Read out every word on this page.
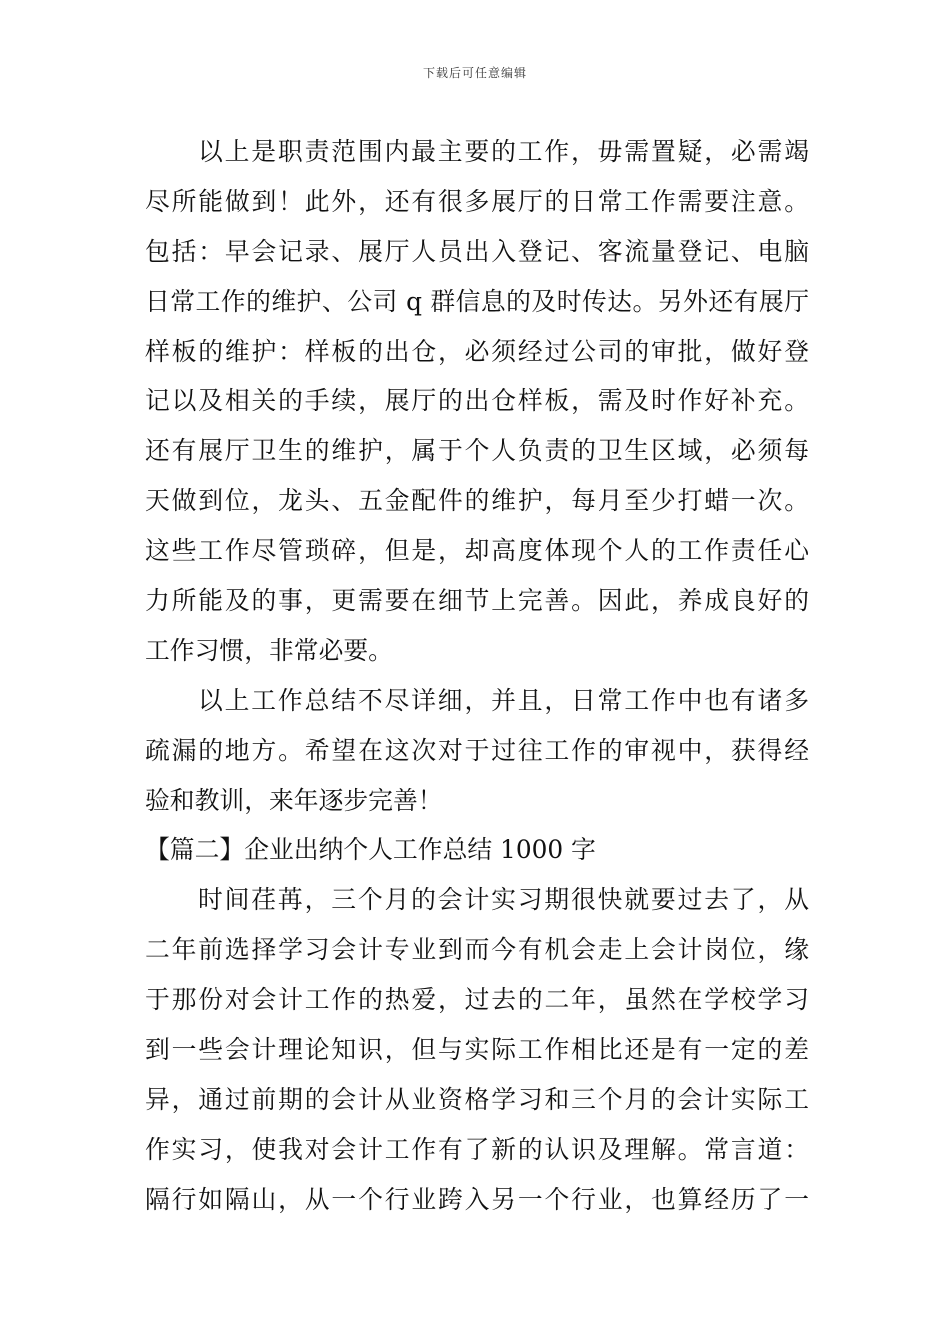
下载后可任意编辑
以上是职责范围内最主要的工作，毋需置疑，必需竭
尽所能做到！此外，还有很多展厅的日常工作需要注意。
包括：早会记录、展厅人员出入登记、客流量登记、电脑
日常工作的维护、公司 q 群信息的及时传达。另外还有展厅
样板的维护：样板的出仓，必须经过公司的审批，做好登
记以及相关的手续，展厅的出仓样板，需及时作好补充。
还有展厅卫生的维护，属于个人负责的卫生区域，必须每
天做到位，龙头、五金配件的维护，每月至少打蜡一次。
这些工作尽管琐碎，但是，却高度体现个人的工作责任心
力所能及的事，更需要在细节上完善。因此，养成良好的
工作习惯，非常必要。
以上工作总结不尽详细，并且，日常工作中也有诸多
疏漏的地方。希望在这次对于过往工作的审视中，获得经
验和教训，来年逐步完善！
【篇二】企业出纳个人工作总结 1000 字
时间荏苒，三个月的会计实习期很快就要过去了，从
二年前选择学习会计专业到而今有机会走上会计岗位，缘
于那份对会计工作的热爱，过去的二年，虽然在学校学习
到一些会计理论知识，但与实际工作相比还是有一定的差
异，通过前期的会计从业资格学习和三个月的会计实际工
作实习，使我对会计工作有了新的认识及理解。常言道：
隔行如隔山，从一个行业跨入另一个行业，也算经历了一
